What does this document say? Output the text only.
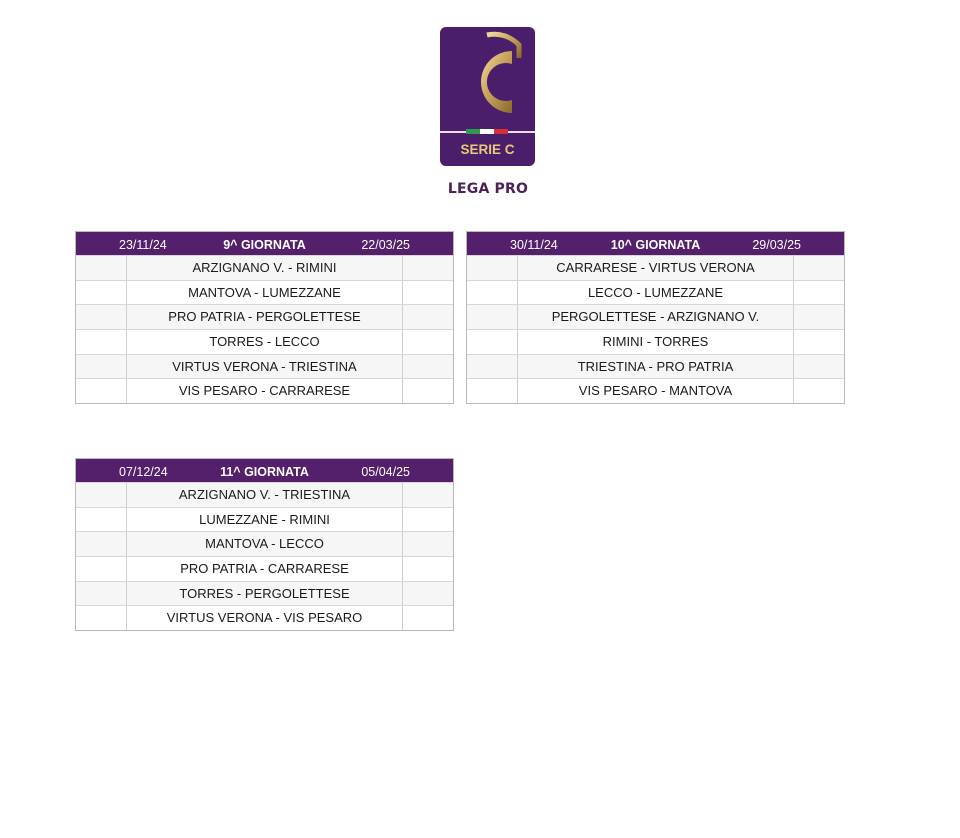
SERIE C
LEGA PRO
23/11/24	9^ GIORNATA	22/03/25
ARZIGNANO V. - RIMINI
MANTOVA - LUMEZZANE
PRO PATRIA - PERGOLETTESE
TORRES - LECCO
VIRTUS VERONA - TRIESTINA
VIS PESARO - CARRARESE
30/11/24	10^ GIORNATA	29/03/25
CARRARESE - VIRTUS VERONA
LECCO - LUMEZZANE
PERGOLETTESE - ARZIGNANO V.
RIMINI - TORRES
TRIESTINA - PRO PATRIA
VIS PESARO - MANTOVA
07/12/24	11^ GIORNATA	05/04/25
ARZIGNANO V. - TRIESTINA
LUMEZZANE - RIMINI
MANTOVA - LECCO
PRO PATRIA - CARRARESE
TORRES - PERGOLETTESE
VIRTUS VERONA - VIS PESARO
